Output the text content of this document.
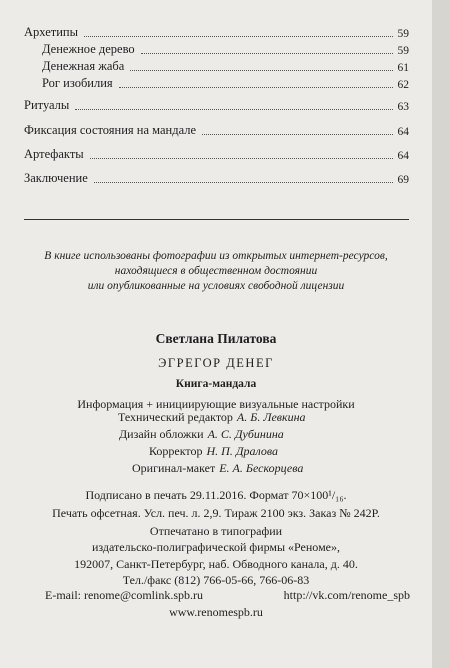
Архетипы	59
Денежное дерево	59
Денежная жаба	61
Рог изобилия	62
Ритуалы	63
Фиксация состояния на мандале	64
Артефакты	64
Заключение	69
В книге использованы фотографии из открытых интернет-ресурсов,
находящиеся в общественном достоянии
или опубликованные на условиях свободной лицензии
Светлана Пилатова
ЭГРЕГОР ДЕНЕГ
Книга-мандала
Информация + инициирующие визуальные настройки
Технический редактор А. Б. Левкина
Дизайн обложки А. С. Дубинина
Корректор Н. П. Дралова
Оригинал-макет Е. А. Бескорцева
Подписано в печать 29.11.2016. Формат 70×100¹/₁₆.
Печать офсетная. Усл. печ. л. 2,9. Тираж 2100 экз. Заказ № 242Р.
Отпечатано в типографии
издательско-полиграфической фирмы «Реноме»,
192007, Санкт-Петербург, наб. Обводного канала, д. 40.
Тел./факс (812) 766-05-66, 766-06-83
E-mail: renome@comlink.spb.ru	http://vk.com/renome_spb
www.renomespb.ru
